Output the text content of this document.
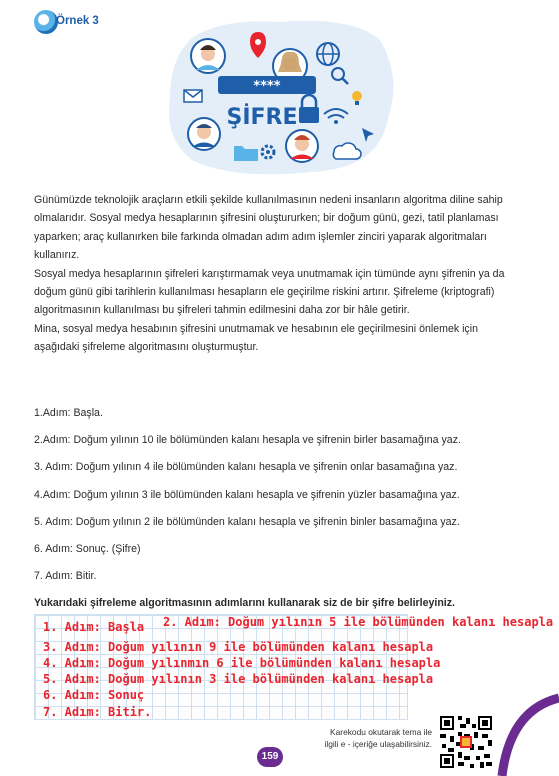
Örnek 3
****
ŞİFRE

Günümüzde teknolojik araçların etkili şekilde kullanılmasının nedeni insanların algoritma diline sahip olmalarıdır. Sosyal medya hesaplarının şifresini oluştururken; bir doğum günü, gezi, tatil planlaması yaparken; araç kullanırken bile farkında olmadan adım adım işlemler zinciri yaparak algoritmaları kullanırız.

Sosyal medya hesaplarının şifreleri karıştırmamak veya unutmamak için tümünde aynı şifrenin ya da doğum günü gibi tarihlerin kullanılması hesapların ele geçirilme riskini artırır. Şifreleme (kriptografi) algoritmasının kullanılması bu şifreleri tahmin edilmesini daha zor bir hâle getirir.

Mina, sosyal medya hesabının şifresini unutmamak ve hesabının ele geçirilmesini önlemek için aşağıdaki şifreleme algoritmasını oluşturmuştur.

1.Adım: Başla.
2.Adım: Doğum yılının 10 ile bölümünden kalanı hesapla ve şifrenin birler basamağına yaz.
3. Adım: Doğum yılının 4 ile bölümünden kalanı hesapla ve şifrenin onlar basamağına yaz.
4.Adım: Doğum yılının 3 ile bölümünden kalanı hesapla ve şifrenin yüzler basamağına yaz.
5. Adım: Doğum yılının 2 ile bölümünden kalanı hesapla ve şifrenin binler basamağına yaz.
6. Adım: Sonuç. (Şifre)
7. Adım: Bitir.
Yukarıdaki şifreleme algoritmasının adımlarını kullanarak siz de bir şifre belirleyiniz.
1. Adım: Başla 2. Adım: Doğum yılının 5 ile bölümünden kalanı hesapla
3. Adım: Doğum yılının 9 ile bölümünden kalanı hesapla
4. Adım: Doğum yılınmın 6 ile bölümünden kalanı hesapla
5. Adım: Doğum yılının 3 ile bölümünden kalanı hesapla
6. Adım: Sonuç
7. Adım: Bitir.
Karekodu okutarak tema ile
ilgili e - içeriğe ulaşabilirsiniz.
159
